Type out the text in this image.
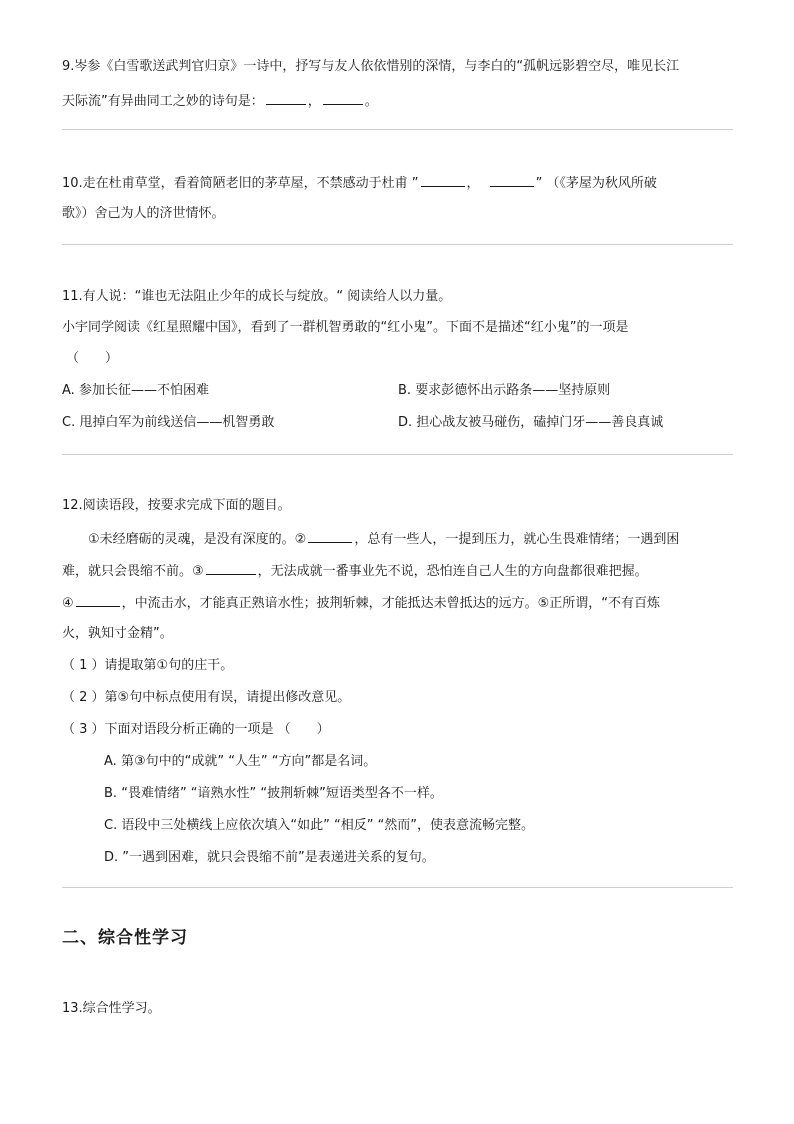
9.岑参《白雪歌送武判官归京》一诗中，抒写与友人依依惜别的深情，与李白的“孤帆远影碧空尽，唯见长江
天际流”有异曲同工之妙的诗句是：	，	。
10.走在杜甫草堂，看着简陋老旧的茅草屋，不禁感动于杜甫 ”	，	” （《茅屋为秋风所破
歌》）舍己为人的济世情怀。
11.有人说：“谁也无法阻止少年的成长与绽放。“ 阅读给人以力量。
小宇同学阅读《红星照耀中国》，看到了一群机智勇敢的“红小鬼”。下面不是描述“红小鬼”的一项是
（　　）
A. 参加长征——不怕困难	B. 要求彭德怀出示路条——坚持原则
C. 甩掉白军为前线送信——机智勇敢	D. 担心战友被马碰伤，磕掉门牙——善良真诚
12.阅读语段，按要求完成下面的题目。
①未经磨砺的灵魂，是没有深度的。②	，总有一些人，一提到压力，就心生畏难情绪；一遇到困
难，就只会畏缩不前。③	，无法成就一番事业先不说，恐怕连自己人生的方向盘都很难把握。
④	，中流击水，才能真正熟谙水性；披荆斩棘，才能抵达未曾抵达的远方。⑤正所谓，“不有百炼
火，孰知寸金精”。
（ 1 ）请提取第①句的庄干。
（ 2 ）第⑤句中标点使用有误，请提出修改意见。
（ 3 ）下面对语段分析正确的一项是 （　　）
A. 第③句中的“成就” “人生” “方向”都是名词。
B. “畏难情绪” “谙熟水性” “披荆斩棘”短语类型各不一样。
C. 语段中三处横线上应依次填入“如此” “相反” “然而”，使表意流畅完整。
D. ”一遇到困难，就只会畏缩不前”是表递进关系的复句。
二、综合性学习
13.综合性学习。
